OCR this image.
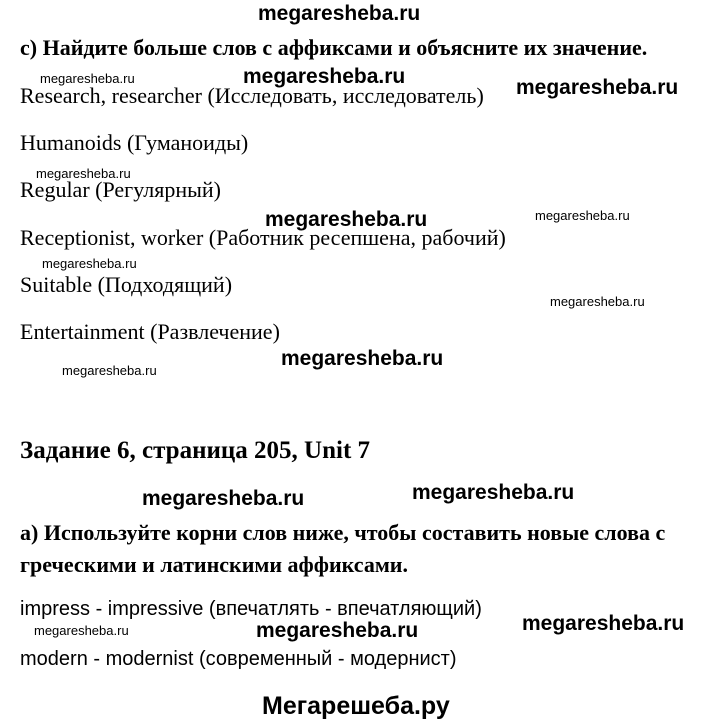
megaresheba.ru
megaresheba.ru	megaresheba.ru	megaresheba.ru
megaresheba.ru
megaresheba.ru	megaresheba.ru
megaresheba.ru
megaresheba.ru
megaresheba.ru
megaresheba.ru
megaresheba.ru	megaresheba.ru
megaresheba.ru
megaresheba.ru	megaresheba.ru
c) Найдите больше слов с аффиксами и объясните их значение.
Research, researcher (Исследовать, исследователь)
Humanoids (Гуманоиды)
Regular (Регулярный)
Receptionist, worker (Работник ресепшена, рабочий)
Suitable (Подходящий)
Entertainment (Развлечение)
Задание 6, страница 205, Unit 7
a) Используйте корни слов ниже, чтобы составить новые слова с
греческими и латинскими аффиксами.
impress - impressive (впечатлять - впечатляющий)
modern - modernist (современный - модернист)
Мегарешеба.ру
